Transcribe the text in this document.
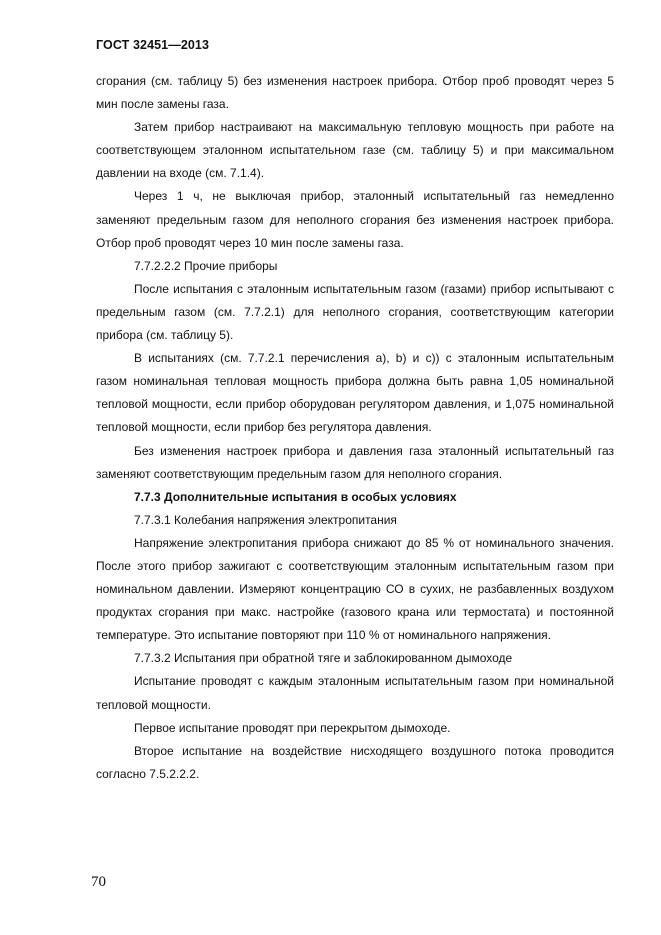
ГОСТ 32451—2013

сгорания (см. таблицу 5) без изменения настроек прибора. Отбор проб проводят через 5 мин после замены газа.

Затем прибор настраивают на максимальную тепловую мощность при работе на соответствующем эталонном испытательном газе (см. таблицу 5) и при максимальном давлении на входе (см. 7.1.4).

Через 1 ч, не выключая прибор, эталонный испытательный газ немедленно заменяют предельным газом для неполного сгорания без изменения настроек прибора. Отбор проб проводят через 10 мин после замены газа.

7.7.2.2.2 Прочие приборы

После испытания с эталонным испытательным газом (газами) прибор испытывают с предельным газом (см. 7.7.2.1) для неполного сгорания, соответствующим категории прибора (см. таблицу 5).

В испытаниях (см. 7.7.2.1 перечисления а), b) и с)) с эталонным испытательным газом номинальная тепловая мощность прибора должна быть равна 1,05 номинальной тепловой мощности, если прибор оборудован регулятором давления, и 1,075 номинальной тепловой мощности, если прибор без регулятора давления.

Без изменения настроек прибора и давления газа эталонный испытательный газ заменяют соответствующим предельным газом для неполного сгорания.

7.7.3 Дополнительные испытания в особых условиях

7.7.3.1 Колебания напряжения электропитания

Напряжение электропитания прибора снижают до 85 % от номинального значения. После этого прибор зажигают с соответствующим эталонным испытательным газом при номинальном давлении. Измеряют концентрацию СО в сухих, не разбавленных воздухом продуктах сгорания при макс. настройке (газового крана или термостата) и постоянной температуре. Это испытание повторяют при 110 % от номинального напряжения.

7.7.3.2 Испытания при обратной тяге и заблокированном дымоходе

Испытание проводят с каждым эталонным испытательным газом при номинальной тепловой мощности.

Первое испытание проводят при перекрытом дымоходе.

Второе испытание на воздействие нисходящего воздушного потока проводится согласно 7.5.2.2.2.

70
